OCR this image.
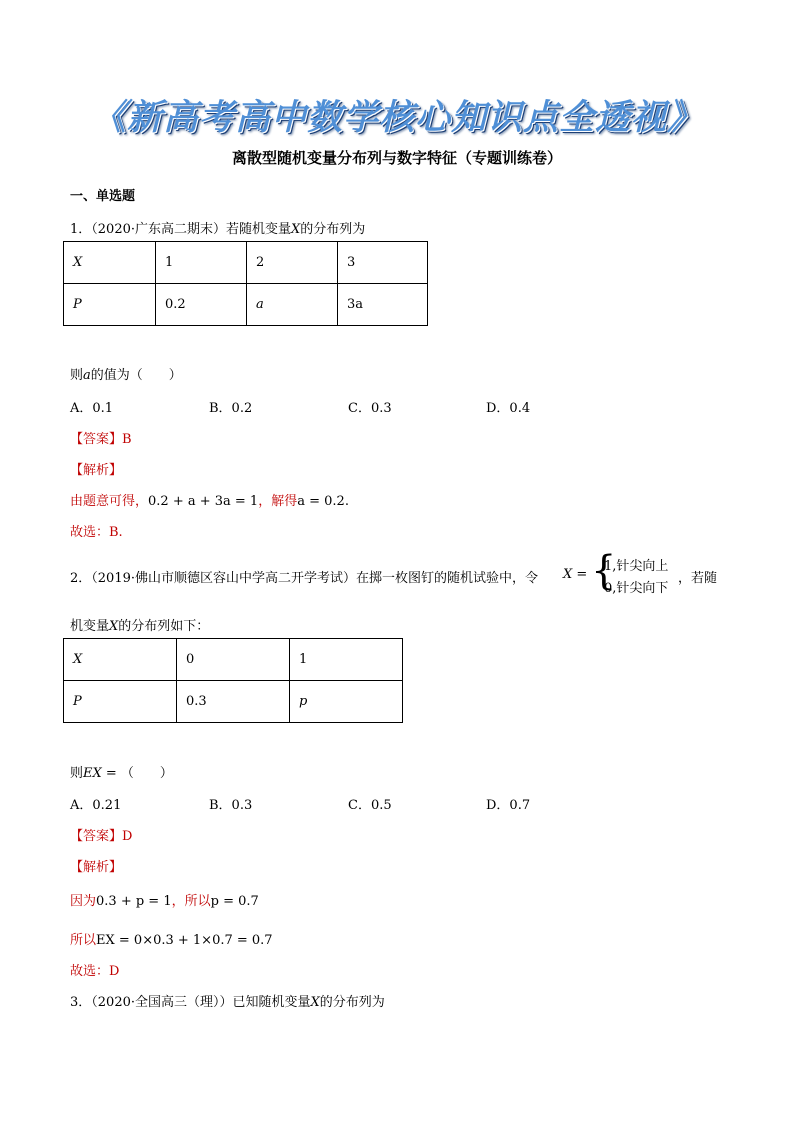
《新高考高中数学核心知识点全透视》
离散型随机变量分布列与数字特征（专题训练卷）
一、单选题
1．（2020·广东高二期末）若随机变量X的分布列为
X	1	2	3
P	0.2	a	3a
则a的值为（　　）
A．0.1	B．0.2	C．0.3	D．0.4
【答案】B
【解析】
由题意可得，0.2 + a + 3a = 1，解得a = 0.2.
故选：B.
2．（2019·佛山市顺德区容山中学高二开学考试）在掷一枚图钉的随机试验中，令 X = {
1,针尖向上
0,针尖向下
，若随
机变量X的分布列如下：
X	0	1
P	0.3	p
则EX = （　　）
A．0.21	B．0.3	C．0.5	D．0.7
【答案】D
【解析】
因为0.3 + p = 1，所以p = 0.7
所以EX = 0×0.3 + 1×0.7 = 0.7
故选：D
3．（2020·全国高三（理））已知随机变量X的分布列为
